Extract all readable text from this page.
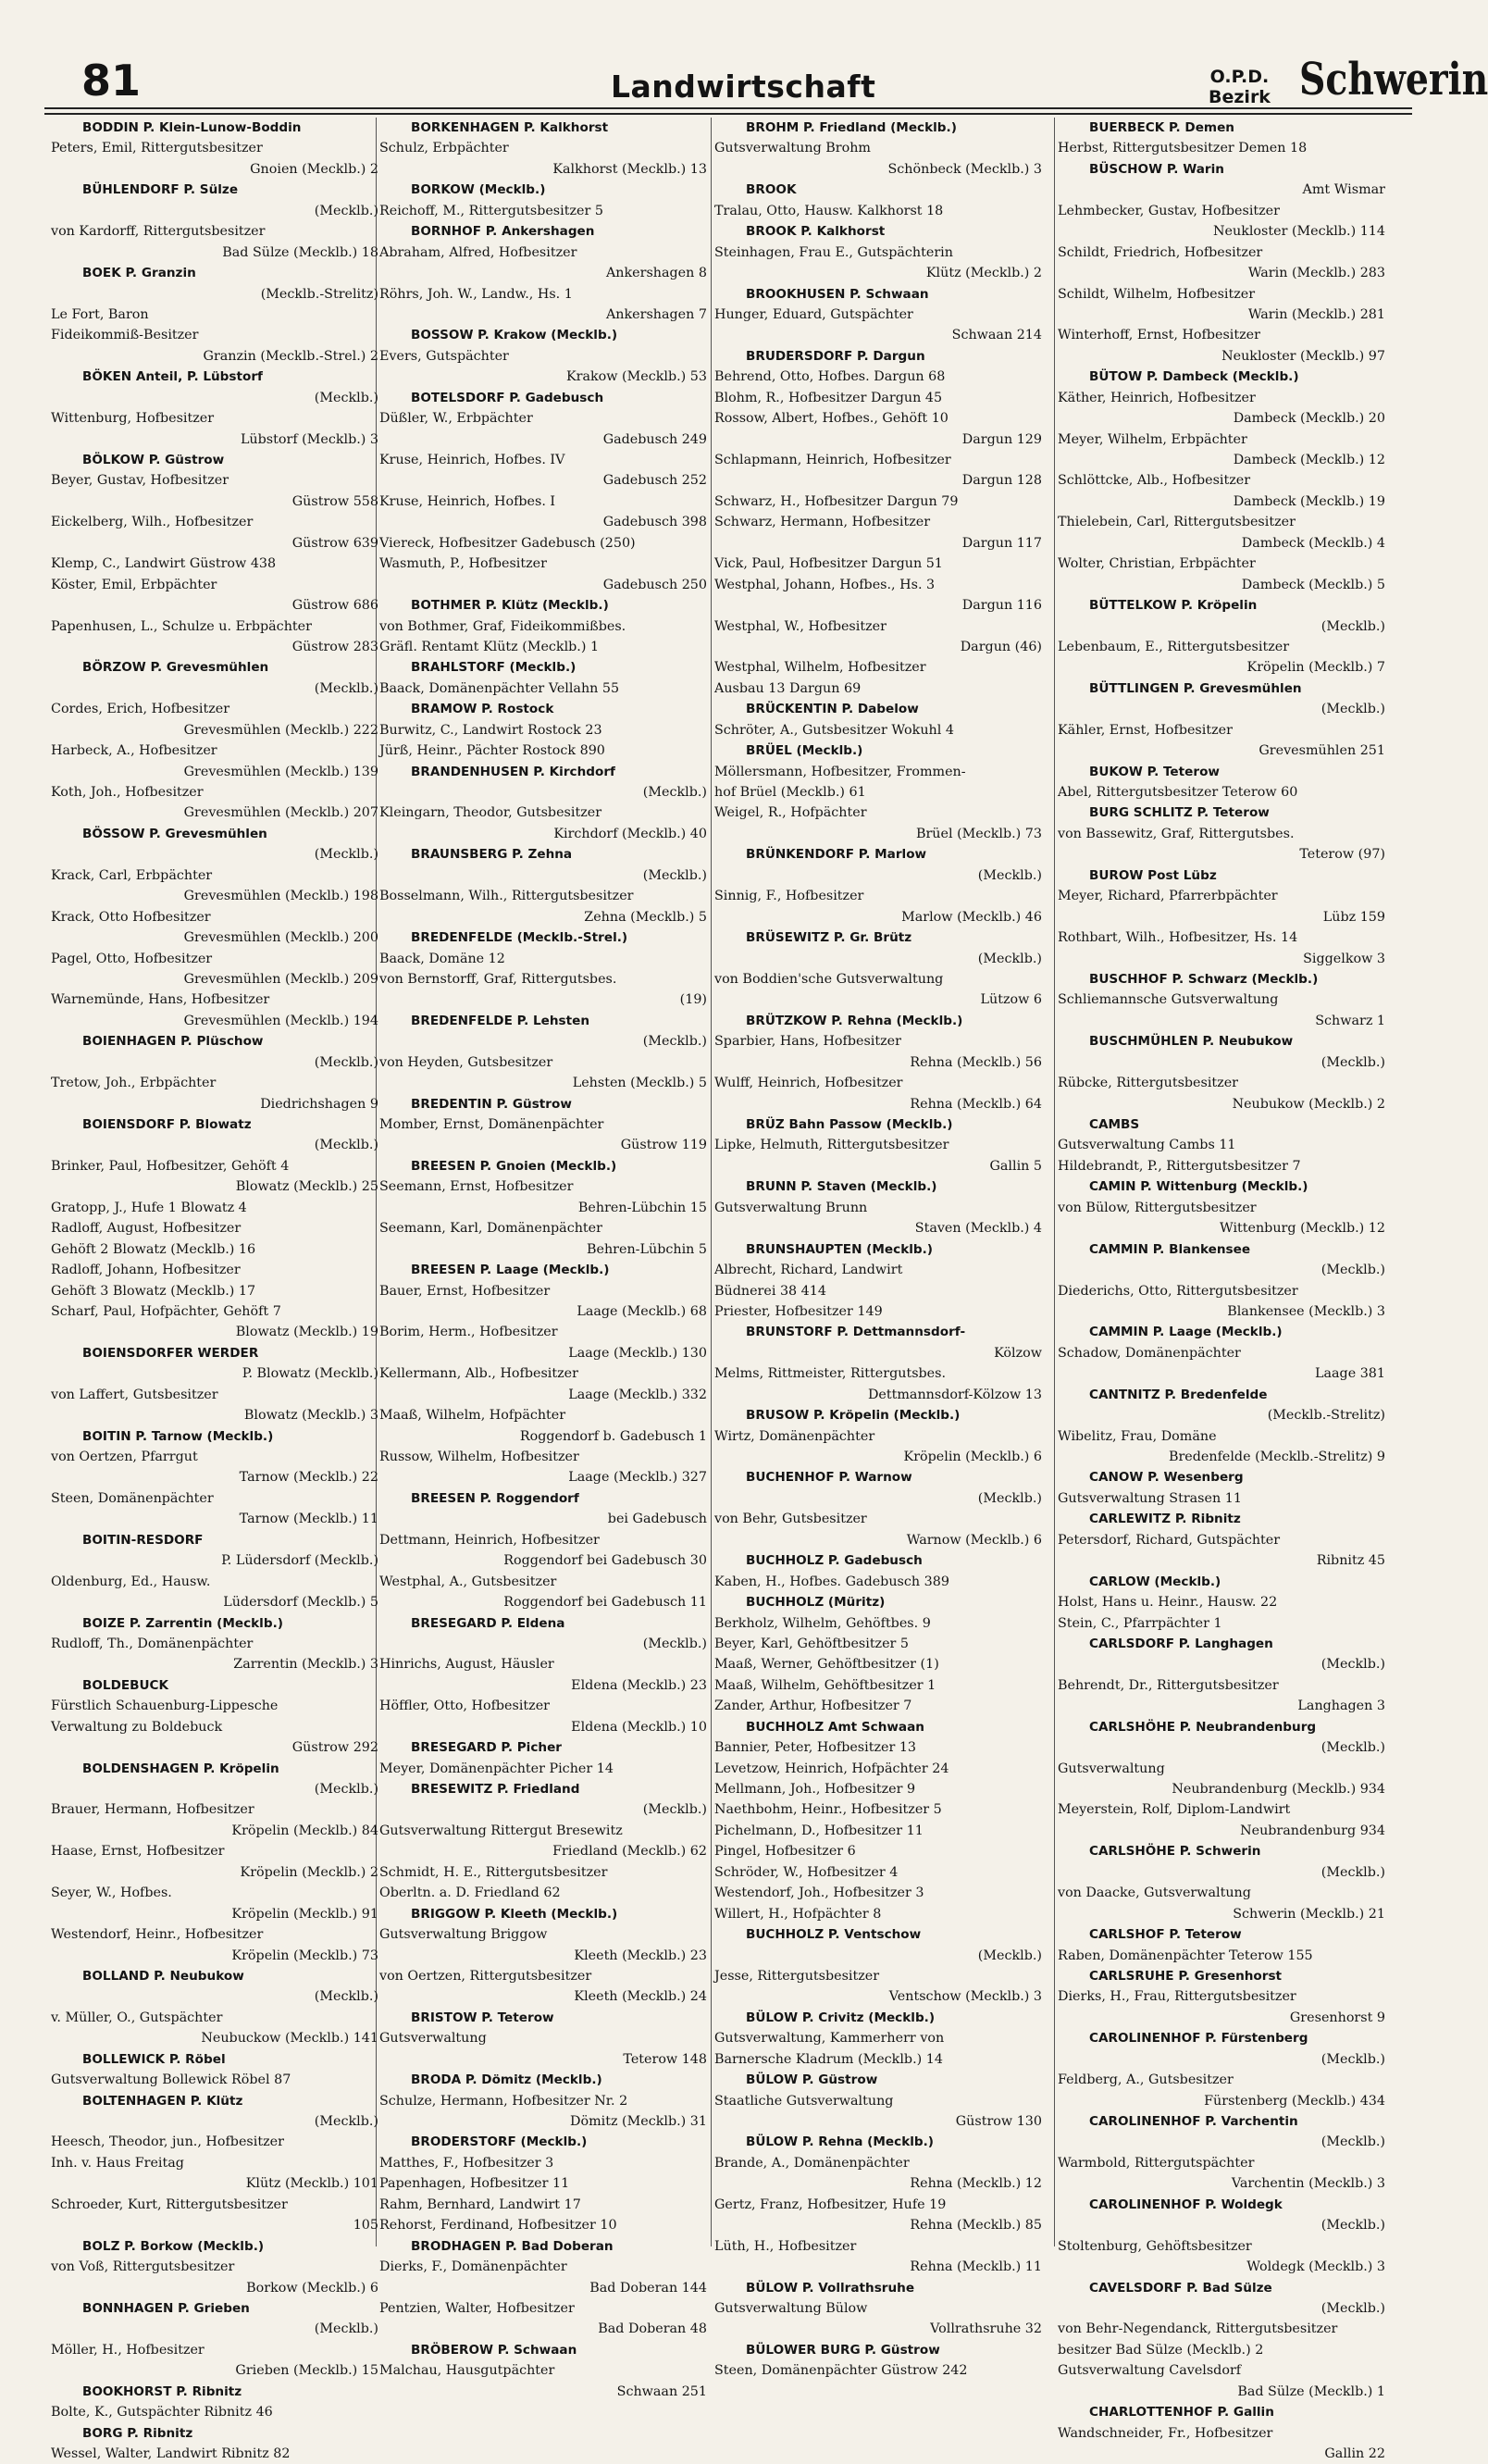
81	Landwirtschaft	O.P.D.
Bezirk Schwerin
BODDIN P. Klein-Lunow-Boddin
Peters, Emil, Rittergutsbesitzer
Gnoien (Mecklb.) 2
BÜHLENDORF P. Sülze
(Mecklb.)
von Kardorff, Rittergutsbesitzer
Bad Sülze (Mecklb.) 18
BOEK P. Granzin
(Mecklb.-Strelitz)
Le Fort, Baron
Fideikommiß-Besitzer
Granzin (Mecklb.-Strel.) 2
BÖKEN Anteil, P. Lübstorf
(Mecklb.)
Wittenburg, Hofbesitzer
Lübstorf (Mecklb.) 3
BÖLKOW P. Güstrow
Beyer, Gustav, Hofbesitzer
Güstrow 558
Eickelberg, Wilh., Hofbesitzer
Güstrow 639
Klemp, C., Landwirt Güstrow 438
Köster, Emil, Erbpächter
Güstrow 686
Papenhusen, L., Schulze u. Erbpächter
Güstrow 283
BÖRZOW P. Grevesmühlen
(Mecklb.)
Cordes, Erich, Hofbesitzer
Grevesmühlen (Mecklb.) 222
Harbeck, A., Hofbesitzer
Grevesmühlen (Mecklb.) 139
Koth, Joh., Hofbesitzer
Grevesmühlen (Mecklb.) 207
BÖSSOW P. Grevesmühlen
(Mecklb.)
Krack, Carl, Erbpächter
Grevesmühlen (Mecklb.) 198
Krack, Otto Hofbesitzer
Grevesmühlen (Mecklb.) 200
Pagel, Otto, Hofbesitzer
Grevesmühlen (Mecklb.) 209
Warnemünde, Hans, Hofbesitzer
Grevesmühlen (Mecklb.) 194
BOIENHAGEN P. Plüschow
(Mecklb.)
Tretow, Joh., Erbpächter
Diedrichshagen 9
BOIENSDORF P. Blowatz
(Mecklb.)
Brinker, Paul, Hofbesitzer, Gehöft 4
Blowatz (Mecklb.) 25
Gratopp, J., Hufe 1 Blowatz 4
Radloff, August, Hofbesitzer
Gehöft 2 Blowatz (Mecklb.) 16
Radloff, Johann, Hofbesitzer
Gehöft 3 Blowatz (Mecklb.) 17
Scharf, Paul, Hofpächter, Gehöft 7
Blowatz (Mecklb.) 19
BOIENSDORFER WERDER
P. Blowatz (Mecklb.)
von Laffert, Gutsbesitzer
Blowatz (Mecklb.) 3
BOITIN P. Tarnow (Mecklb.)
von Oertzen, Pfarrgut
Tarnow (Mecklb.) 22
Steen, Domänenpächter
Tarnow (Mecklb.) 11
BOITIN-RESDORF
P. Lüdersdorf (Mecklb.)
Oldenburg, Ed., Hausw.
Lüdersdorf (Mecklb.) 5
BOIZE P. Zarrentin (Mecklb.)
Rudloff, Th., Domänenpächter
Zarrentin (Mecklb.) 3
BOLDEBUCK
Fürstlich Schauenburg-Lippesche
Verwaltung zu Boldebuck
Güstrow 292
BOLDENSHAGEN P. Kröpelin
(Mecklb.)
Brauer, Hermann, Hofbesitzer
Kröpelin (Mecklb.) 84
Haase, Ernst, Hofbesitzer
Kröpelin (Mecklb.) 2
Seyer, W., Hofbes.
Kröpelin (Mecklb.) 91
Westendorf, Heinr., Hofbesitzer
Kröpelin (Mecklb.) 73
BOLLAND P. Neubukow
(Mecklb.)
v. Müller, O., Gutspächter
Neubuckow (Mecklb.) 141
BOLLEWICK P. Röbel
Gutsverwaltung Bollewick Röbel 87
BOLTENHAGEN P. Klütz
(Mecklb.)
Heesch, Theodor, jun., Hofbesitzer
Inh. v. Haus Freitag
Klütz (Mecklb.) 101
Schroeder, Kurt, Rittergutsbesitzer
105
BOLZ P. Borkow (Mecklb.)
von Voß, Rittergutsbesitzer
Borkow (Mecklb.) 6
BONNHAGEN P. Grieben
(Mecklb.)
Möller, H., Hofbesitzer
Grieben (Mecklb.) 15
BOOKHORST P. Ribnitz
Bolte, K., Gutspächter Ribnitz 46
BORG P. Ribnitz
Wessel, Walter, Landwirt Ribnitz 82
BORKENHAGEN P. Kalkhorst
Schulz, Erbpächter
Kalkhorst (Mecklb.) 13
BORKOW (Mecklb.)
Reichoff, M., Rittergutsbesitzer 5
BORNHOF P. Ankershagen
Abraham, Alfred, Hofbesitzer
Ankershagen 8
Röhrs, Joh. W., Landw., Hs. 1
Ankershagen 7
BOSSOW P. Krakow (Mecklb.)
Evers, Gutspächter
Krakow (Mecklb.) 53
BOTELSDORF P. Gadebusch
Düßler, W., Erbpächter
Gadebusch 249
Kruse, Heinrich, Hofbes. IV
Gadebusch 252
Kruse, Heinrich, Hofbes. I
Gadebusch 398
Viereck, Hofbesitzer Gadebusch (250)
Wasmuth, P., Hofbesitzer
Gadebusch 250
BOTHMER P. Klütz (Mecklb.)
von Bothmer, Graf, Fideikommißbes.
Gräfl. Rentamt Klütz (Mecklb.) 1
BRAHLSTORF (Mecklb.)
Baack, Domänenpächter Vellahn 55
BRAMOW P. Rostock
Burwitz, C., Landwirt Rostock 23
Jürß, Heinr., Pächter Rostock 890
BRANDENHUSEN P. Kirchdorf
(Mecklb.)
Kleingarn, Theodor, Gutsbesitzer
Kirchdorf (Mecklb.) 40
BRAUNSBERG P. Zehna
(Mecklb.)
Bosselmann, Wilh., Rittergutsbesitzer
Zehna (Mecklb.) 5
BREDENFELDE (Mecklb.-Strel.)
Baack, Domäne 12
von Bernstorff, Graf, Rittergutsbes.
(19)
BREDENFELDE P. Lehsten
(Mecklb.)
von Heyden, Gutsbesitzer
Lehsten (Mecklb.) 5
BREDENTIN P. Güstrow
Momber, Ernst, Domänenpächter
Güstrow 119
BREESEN P. Gnoien (Mecklb.)
Seemann, Ernst, Hofbesitzer
Behren-Lübchin 15
Seemann, Karl, Domänenpächter
Behren-Lübchin 5
BREESEN P. Laage (Mecklb.)
Bauer, Ernst, Hofbesitzer
Laage (Mecklb.) 68
Borim, Herm., Hofbesitzer
Laage (Mecklb.) 130
Kellermann, Alb., Hofbesitzer
Laage (Mecklb.) 332
Maaß, Wilhelm, Hofpächter
Roggendorf b. Gadebusch 1
Russow, Wilhelm, Hofbesitzer
Laage (Mecklb.) 327
BREESEN P. Roggendorf
bei Gadebusch
Dettmann, Heinrich, Hofbesitzer
Roggendorf bei Gadebusch 30
Westphal, A., Gutsbesitzer
Roggendorf bei Gadebusch 11
BRESEGARD P. Eldena
(Mecklb.)
Hinrichs, August, Häusler
Eldena (Mecklb.) 23
Höffler, Otto, Hofbesitzer
Eldena (Mecklb.) 10
BRESEGARD P. Picher
Meyer, Domänenpächter Picher 14
BRESEWITZ P. Friedland
(Mecklb.)
Gutsverwaltung Rittergut Bresewitz
Friedland (Mecklb.) 62
Schmidt, H. E., Rittergutsbesitzer
Oberltn. a. D. Friedland 62
BRIGGOW P. Kleeth (Mecklb.)
Gutsverwaltung Briggow
Kleeth (Mecklb.) 23
von Oertzen, Rittergutsbesitzer
Kleeth (Mecklb.) 24
BRISTOW P. Teterow
Gutsverwaltung
Teterow 148
BRODA P. Dömitz (Mecklb.)
Schulze, Hermann, Hofbesitzer Nr. 2
Dömitz (Mecklb.) 31
BRODERSTORF (Mecklb.)
Matthes, F., Hofbesitzer 3
Papenhagen, Hofbesitzer 11
Rahm, Bernhard, Landwirt 17
Rehorst, Ferdinand, Hofbesitzer 10
BRODHAGEN P. Bad Doberan
Dierks, F., Domänenpächter
Bad Doberan 144
Pentzien, Walter, Hofbesitzer
Bad Doberan 48
BRÖBEROW P. Schwaan
Malchau, Hausgutpächter
Schwaan 251
BROHM P. Friedland (Mecklb.)
Gutsverwaltung Brohm
Schönbeck (Mecklb.) 3
BROOK
Tralau, Otto, Hausw. Kalkhorst 18
BROOK P. Kalkhorst
Steinhagen, Frau E., Gutspächterin
Klütz (Mecklb.) 2
BROOKHUSEN P. Schwaan
Hunger, Eduard, Gutspächter
Schwaan 214
BRUDERSDORF P. Dargun
Behrend, Otto, Hofbes. Dargun 68
Blohm, R., Hofbesitzer Dargun 45
Rossow, Albert, Hofbes., Gehöft 10
Dargun 129
Schlapmann, Heinrich, Hofbesitzer
Dargun 128
Schwarz, H., Hofbesitzer Dargun 79
Schwarz, Hermann, Hofbesitzer
Dargun 117
Vick, Paul, Hofbesitzer Dargun 51
Westphal, Johann, Hofbes., Hs. 3
Dargun 116
Westphal, W., Hofbesitzer
Dargun (46)
Westphal, Wilhelm, Hofbesitzer
Ausbau 13 Dargun 69
BRÜCKENTIN P. Dabelow
Schröter, A., Gutsbesitzer Wokuhl 4
BRÜEL (Mecklb.)
Möllersmann, Hofbesitzer, Frommen-
hof Brüel (Mecklb.) 61
Weigel, R., Hofpächter
Brüel (Mecklb.) 73
BRÜNKENDORF P. Marlow
(Mecklb.)
Sinnig, F., Hofbesitzer
Marlow (Mecklb.) 46
BRÜSEWITZ P. Gr. Brütz
(Mecklb.)
von Boddien'sche Gutsverwaltung
Lützow 6
BRÜTZKOW P. Rehna (Mecklb.)
Sparbier, Hans, Hofbesitzer
Rehna (Mecklb.) 56
Wulff, Heinrich, Hofbesitzer
Rehna (Mecklb.) 64
BRÜZ Bahn Passow (Mecklb.)
Lipke, Helmuth, Rittergutsbesitzer
Gallin 5
BRUNN P. Staven (Mecklb.)
Gutsverwaltung Brunn
Staven (Mecklb.) 4
BRUNSHAUPTEN (Mecklb.)
Albrecht, Richard, Landwirt
Büdnerei 38 414
Priester, Hofbesitzer 149
BRUNSTORF P. Dettmannsdorf-
Kölzow
Melms, Rittmeister, Rittergutsbes.
Dettmannsdorf-Kölzow 13
BRUSOW P. Kröpelin (Mecklb.)
Wirtz, Domänenpächter
Kröpelin (Mecklb.) 6
BUCHENHOF P. Warnow
(Mecklb.)
von Behr, Gutsbesitzer
Warnow (Mecklb.) 6
BUCHHOLZ P. Gadebusch
Kaben, H., Hofbes. Gadebusch 389
BUCHHOLZ (Müritz)
Berkholz, Wilhelm, Gehöftbes. 9
Beyer, Karl, Gehöftbesitzer 5
Maaß, Werner, Gehöftbesitzer (1)
Maaß, Wilhelm, Gehöftbesitzer 1
Zander, Arthur, Hofbesitzer 7
BUCHHOLZ Amt Schwaan
Bannier, Peter, Hofbesitzer 13
Levetzow, Heinrich, Hofpächter 24
Mellmann, Joh., Hofbesitzer 9
Naethbohm, Heinr., Hofbesitzer 5
Pichelmann, D., Hofbesitzer 11
Pingel, Hofbesitzer 6
Schröder, W., Hofbesitzer 4
Westendorf, Joh., Hofbesitzer 3
Willert, H., Hofpächter 8
BUCHHOLZ P. Ventschow
(Mecklb.)
Jesse, Rittergutsbesitzer
Ventschow (Mecklb.) 3
BÜLOW P. Crivitz (Mecklb.)
Gutsverwaltung, Kammerherr von
Barnersche Kladrum (Mecklb.) 14
BÜLOW P. Güstrow
Staatliche Gutsverwaltung
Güstrow 130
BÜLOW P. Rehna (Mecklb.)
Brande, A., Domänenpächter
Rehna (Mecklb.) 12
Gertz, Franz, Hofbesitzer, Hufe 19
Rehna (Mecklb.) 85
Lüth, H., Hofbesitzer
Rehna (Mecklb.) 11
BÜLOW P. Vollrathsruhe
Gutsverwaltung Bülow
Vollrathsruhe 32
BÜLOWER BURG P. Güstrow
Steen, Domänenpächter Güstrow 242
BUERBECK P. Demen
Herbst, Rittergutsbesitzer Demen 18
BÜSCHOW P. Warin
Amt Wismar
Lehmbecker, Gustav, Hofbesitzer
Neukloster (Mecklb.) 114
Schildt, Friedrich, Hofbesitzer
Warin (Mecklb.) 283
Schildt, Wilhelm, Hofbesitzer
Warin (Mecklb.) 281
Winterhoff, Ernst, Hofbesitzer
Neukloster (Mecklb.) 97
BÜTOW P. Dambeck (Mecklb.)
Käther, Heinrich, Hofbesitzer
Dambeck (Mecklb.) 20
Meyer, Wilhelm, Erbpächter
Dambeck (Mecklb.) 12
Schlöttcke, Alb., Hofbesitzer
Dambeck (Mecklb.) 19
Thielebein, Carl, Rittergutsbesitzer
Dambeck (Mecklb.) 4
Wolter, Christian, Erbpächter
Dambeck (Mecklb.) 5
BÜTTELKOW P. Kröpelin
(Mecklb.)
Lebenbaum, E., Rittergutsbesitzer
Kröpelin (Mecklb.) 7
BÜTTLINGEN P. Grevesmühlen
(Mecklb.)
Kähler, Ernst, Hofbesitzer
Grevesmühlen 251
BUKOW P. Teterow
Abel, Rittergutsbesitzer Teterow 60
BURG SCHLITZ P. Teterow
von Bassewitz, Graf, Rittergutsbes.
Teterow (97)
BUROW Post Lübz
Meyer, Richard, Pfarrerbpächter
Lübz 159
Rothbart, Wilh., Hofbesitzer, Hs. 14
Siggelkow 3
BUSCHHOF P. Schwarz (Mecklb.)
Schliemannsche Gutsverwaltung
Schwarz 1
BUSCHMÜHLEN P. Neubukow
(Mecklb.)
Rübcke, Rittergutsbesitzer
Neubukow (Mecklb.) 2
CAMBS
Gutsverwaltung Cambs 11
Hildebrandt, P., Rittergutsbesitzer 7
CAMIN P. Wittenburg (Mecklb.)
von Bülow, Rittergutsbesitzer
Wittenburg (Mecklb.) 12
CAMMIN P. Blankensee
(Mecklb.)
Diederichs, Otto, Rittergutsbesitzer
Blankensee (Mecklb.) 3
CAMMIN P. Laage (Mecklb.)
Schadow, Domänenpächter
Laage 381
CANTNITZ P. Bredenfelde
(Mecklb.-Strelitz)
Wibelitz, Frau, Domäne
Bredenfelde (Mecklb.-Strelitz) 9
CANOW P. Wesenberg
Gutsverwaltung Strasen 11
CARLEWITZ P. Ribnitz
Petersdorf, Richard, Gutspächter
Ribnitz 45
CARLOW (Mecklb.)
Holst, Hans u. Heinr., Hausw. 22
Stein, C., Pfarrpächter 1
CARLSDORF P. Langhagen
(Mecklb.)
Behrendt, Dr., Rittergutsbesitzer
Langhagen 3
CARLSHÖHE P. Neubrandenburg
(Mecklb.)
Gutsverwaltung
Neubrandenburg (Mecklb.) 934
Meyerstein, Rolf, Diplom-Landwirt
Neubrandenburg 934
CARLSHÖHE P. Schwerin
(Mecklb.)
von Daacke, Gutsverwaltung
Schwerin (Mecklb.) 21
CARLSHOF P. Teterow
Raben, Domänenpächter Teterow 155
CARLSRUHE P. Gresenhorst
Dierks, H., Frau, Rittergutsbesitzer
Gresenhorst 9
CAROLINENHOF P. Fürstenberg
(Mecklb.)
Feldberg, A., Gutsbesitzer
Fürstenberg (Mecklb.) 434
CAROLINENHOF P. Varchentin
(Mecklb.)
Warmbold, Rittergutspächter
Varchentin (Mecklb.) 3
CAROLINENHOF P. Woldegk
(Mecklb.)
Stoltenburg, Gehöftsbesitzer
Woldegk (Mecklb.) 3
CAVELSDORF P. Bad Sülze
(Mecklb.)
von Behr-Negendanck, Rittergutsbesitzer
besitzer Bad Sülze (Mecklb.) 2
Gutsverwaltung Cavelsdorf
Bad Sülze (Mecklb.) 1
CHARLOTTENHOF P. Gallin
Wandschneider, Fr., Hofbesitzer
Gallin 22
